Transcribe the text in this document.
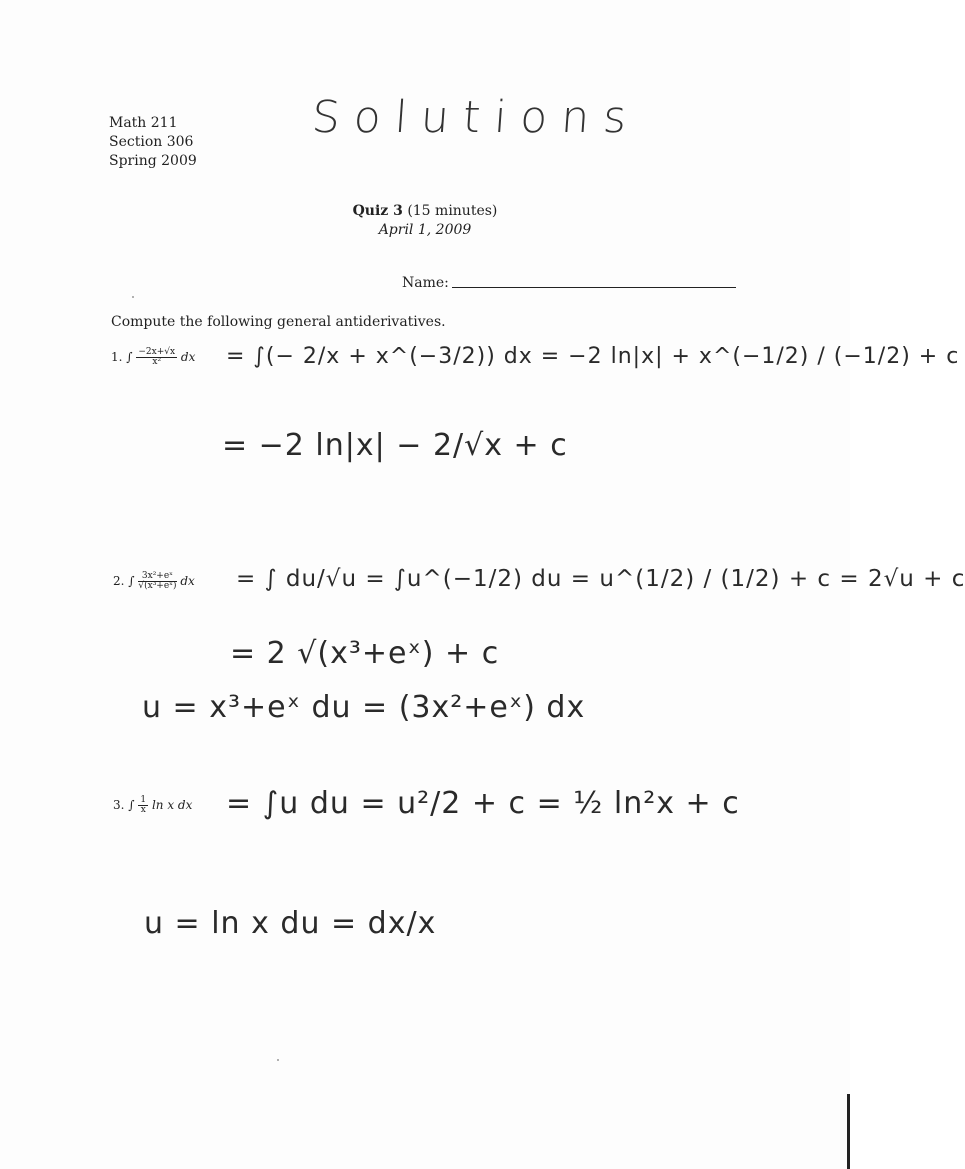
Math 211
Section 306
Spring 2009
Solutions
Quiz 3 (15 minutes)
April 1, 2009
Name:
Compute the following general antiderivatives.
1. ∫ $\frac{-2x+√x}{\text{x²}}$ dx = ∫(− 2/x + x^(−3/2)) dx = −2 ln|x| + x^(−1/2) / (−1/2) + c
= −2 ln|x| − 2/√x + c
2. ∫ $\frac{\text{3x²+eˣ}}{\text{√(x³+eˣ)}}$ dx = ∫ du/√u = ∫u^(−1/2) du = u^(1/2) / (1/2) + c = 2√u + c
= 2 √(x³+eˣ) + c
u = x³+eˣ du = (3x²+eˣ) dx
3. ∫ $\frac{1}{x}$ ln x dx = ∫u du = u²/2 + c = ½ ln²x + c
u = ln x du = dx/x
